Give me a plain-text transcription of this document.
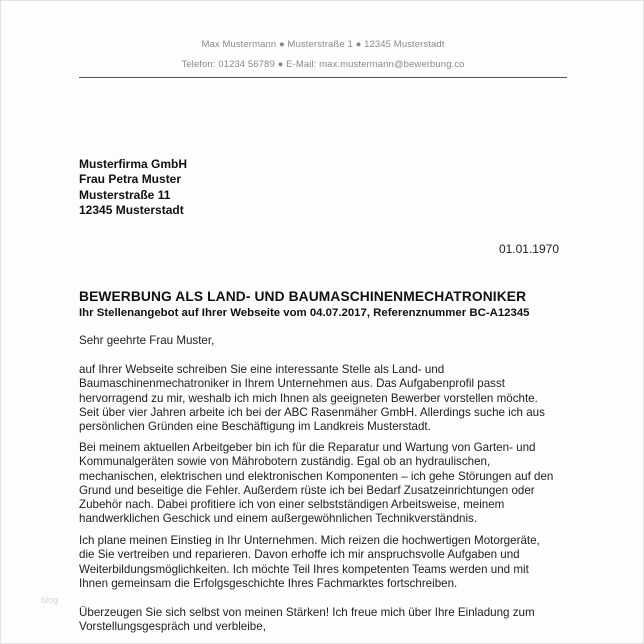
Max Mustermann ● Musterstraße 1 ● 12345 Musterstadt
Telefon: 01234 56789 ● E-Mail: max.mustermann@bewerbung.co
Musterfirma GmbH
Frau Petra Muster
Musterstraße 11
12345 Musterstadt
01.01.1970
BEWERBUNG ALS LAND- UND BAUMASCHINENMECHATRONIKER
Ihr Stellenangebot auf Ihrer Webseite vom 04.07.2017, Referenznummer BC-A12345
Sehr geehrte Frau Muster,
auf Ihrer Webseite schreiben Sie eine interessante Stelle als Land- und
Baumaschinenmechatroniker in Ihrem Unternehmen aus. Das Aufgabenprofil passt
hervorragend zu mir, weshalb ich mich Ihnen als geeigneten Bewerber vorstellen möchte.
Seit über vier Jahren arbeite ich bei der ABC Rasenmäher GmbH. Allerdings suche ich aus
persönlichen Gründen eine Beschäftigung im Landkreis Musterstadt.
Bei meinem aktuellen Arbeitgeber bin ich für die Reparatur und Wartung von Garten- und
Kommunalgeräten sowie von Mährobotern zuständig. Egal ob an hydraulischen,
mechanischen, elektrischen und elektronischen Komponenten – ich gehe Störungen auf den
Grund und beseitige die Fehler. Außerdem rüste ich bei Bedarf Zusatzeinrichtungen oder
Zubehör nach. Dabei profitiere ich von einer selbstständigen Arbeitsweise, meinem
handwerklichen Geschick und einem außergewöhnlichen Technikverständnis.
Ich plane meinen Einstieg in Ihr Unternehmen. Mich reizen die hochwertigen Motorgeräte,
die Sie vertreiben und reparieren. Davon erhoffe ich mir anspruchsvolle Aufgaben und
Weiterbildungsmöglichkeiten. Ich möchte Teil Ihres kompetenten Teams werden und mit
Ihnen gemeinsam die Erfolgsgeschichte Ihres Fachmarktes fortschreiben.
Überzeugen Sie sich selbst von meinen Stärken! Ich freue mich über Ihre Einladung zum
Vorstellungsgespräch und verbleibe,
blog
